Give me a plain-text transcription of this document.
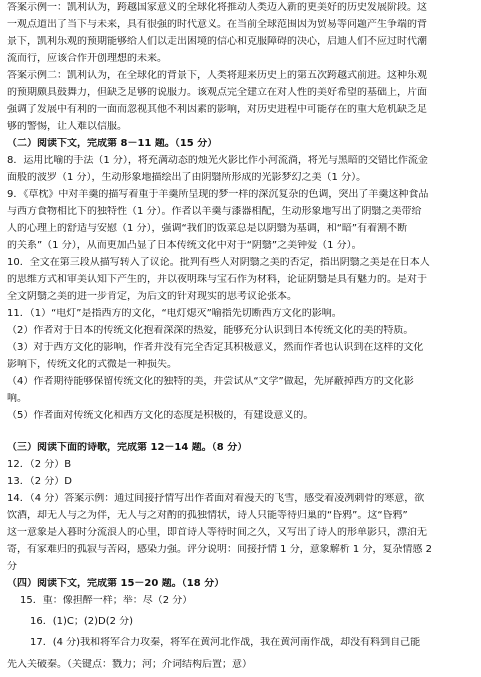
答案示例一：凯利认为，跨越国家意义的全球化将推动人类迈入新的更美好的历史发展阶段。这
一观点道出了当下与未来，具有很强的时代意义。在当前全球范围因为贸易等问题产生争端的背
景下，凯利乐观的预期能够给人们以走出困境的信心和克服障碍的决心，启迪人们不应过时代潮
流而行，应该合作开创理想的未来。
答案示例二：凯利认为，在全球化的背景下，人类将迎来历史上的第五次跨越式前进。这种乐观
的预期颇具鼓舞力，但缺乏足够的说服力。该观点完全建立在对人性的美好希望的基础上，片面
强调了发展中有利的一面而忽视其他不利因素的影响，对历史进程中可能存在的重大危机缺乏足
够的警惕，让人难以信服。
（二）阅读下文，完成第 8－11 题。（15 分）
8．运用比喻的手法（1 分），将充满动态的烛光火影比作小河流淌，将光与黑暗的交错比作流金
面般的波罗（1 分），生动形象地描绘出了由阴翳所形成的光影梦幻之美（1 分）。
9．《草枕》中对羊羹的描写着重于羊羹所呈现的梦一样的深沉复杂的色调，突出了羊羹这种食品
与西方食物相比下的独特性（1 分）。作者以羊羹与漆器相配，生动形象地写出了阴翳之美带给
人的心理上的舒适与安慰（1 分），强调“我们的饭菜总是以阴翳为基调，和“暗”有着割不断
的关系”（1 分），从而更加凸显了日本传统文化中对于“阴翳”之美钟爱（1 分）。
10．全文在第三段从描写转入了议论。批判有些人对阴翳之美的否定，指出阴翳之美是在日本人
的思维方式和审美认知下产生的，并以夜明珠与宝石作为材料，论证阴翳是具有魅力的。是对于
全文阴翳之美的进一步肯定，为后文的针对现实的思考议论张本。
11．（1）“电灯”是指西方的文化，“电灯熄灭”喻指先切断西方文化的影响。
（2）作者对于日本的传统文化抱着深深的热爱，能够充分认识到日本传统文化的美的特质。
（3）对于西方文化的影响，作者并没有完全否定其积极意义，然而作者也认识到在这样的文化
影响下，传统文化的式微是一种损失。
（4）作者期待能够保留传统文化的独特的美，并尝试从“文学”做起，先屏蔽掉西方的文化影
响。
（5）作者面对传统文化和西方文化的态度是积极的，有建设意义的。
（三）阅读下面的诗歌，完成第 12－14 题。（8 分）
12．（2 分）B
13．（2 分）D
14．（4 分）答案示例：通过间接抒情写出作者面对着漫天的飞雪，感受着凌冽刺骨的寒意，欲
饮酒，却无人与之为伴，无人与之对酌的孤独情状，诗人只能等待归巢的“昏鸦”。这“昏鸦”
这一意象是入暮时分流浪人的心里，即首诗人等待时间之久，又写出了诗人的形单影只，漂泊无
寄，有家难归的孤寂与苦闷，感染力强。评分说明：间接抒情 1 分，意象解析 1 分，复杂情感 2
分
（四）阅读下文，完成第 15－20 题。（18 分）
15．重：像担醉一样；举：尽（2 分）
16．(1)C；(2)D(2 分)
17．(4 分)我和将军合力攻秦，将军在黄河北作战，我在黄河南作战，却没有料到自己能
先入关破秦。（关键点：戮力；河；介词结构后置；意）
